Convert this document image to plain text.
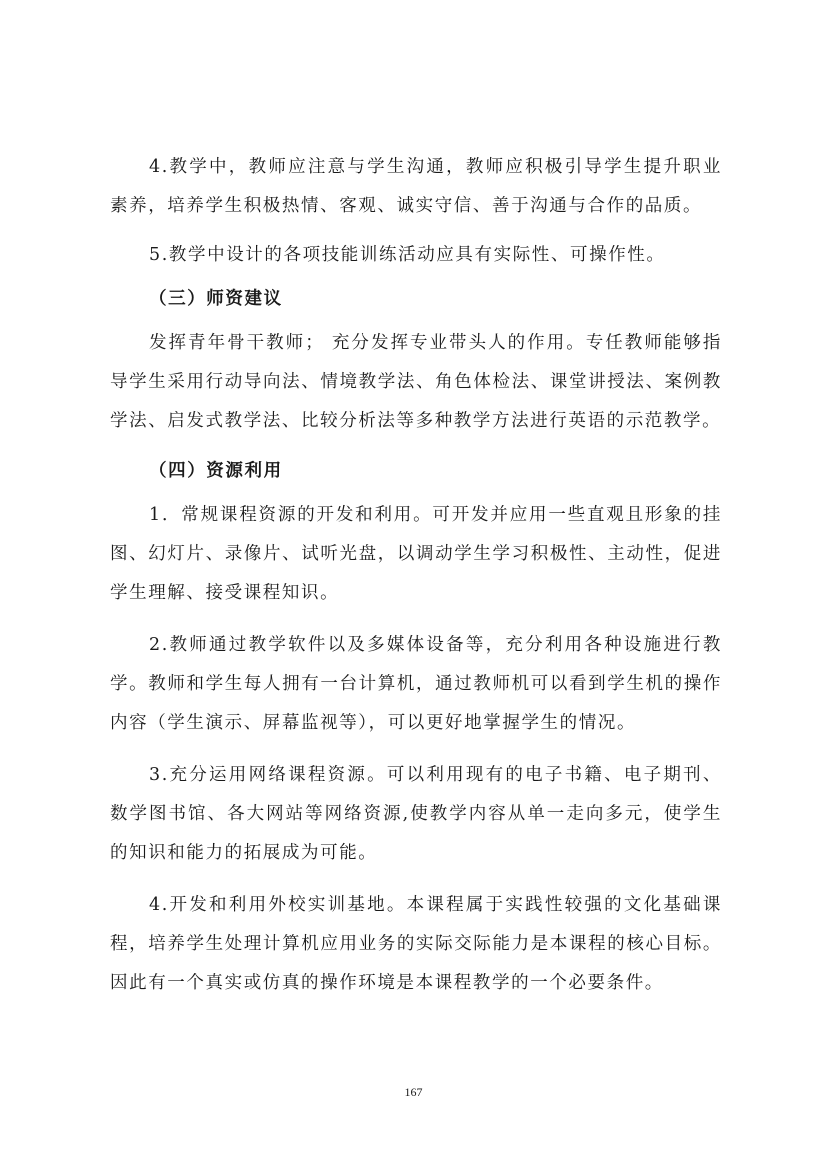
4.教学中，教师应注意与学生沟通，教师应积极引导学生提升职业素养，培养学生积极热情、客观、诚实守信、善于沟通与合作的品质。

5.教学中设计的各项技能训练活动应具有实际性、可操作性。

（三）师资建议

发挥青年骨干教师； 充分发挥专业带头人的作用。专任教师能够指导学生采用行动导向法、情境教学法、角色体检法、课堂讲授法、案例教学法、启发式教学法、比较分析法等多种教学方法进行英语的示范教学。

（四）资源利用

1．常规课程资源的开发和利用。可开发并应用一些直观且形象的挂图、幻灯片、录像片、试听光盘，以调动学生学习积极性、主动性，促进学生理解、接受课程知识。

2.教师通过教学软件以及多媒体设备等，充分利用各种设施进行教学。教师和学生每人拥有一台计算机，通过教师机可以看到学生机的操作内容（学生演示、屏幕监视等），可以更好地掌握学生的情况。

3.充分运用网络课程资源。可以利用现有的电子书籍、电子期刊、数学图书馆、各大网站等网络资源,使教学内容从单一走向多元，使学生的知识和能力的拓展成为可能。

4.开发和利用外校实训基地。本课程属于实践性较强的文化基础课程，培养学生处理计算机应用业务的实际交际能力是本课程的核心目标。因此有一个真实或仿真的操作环境是本课程教学的一个必要条件。

167
